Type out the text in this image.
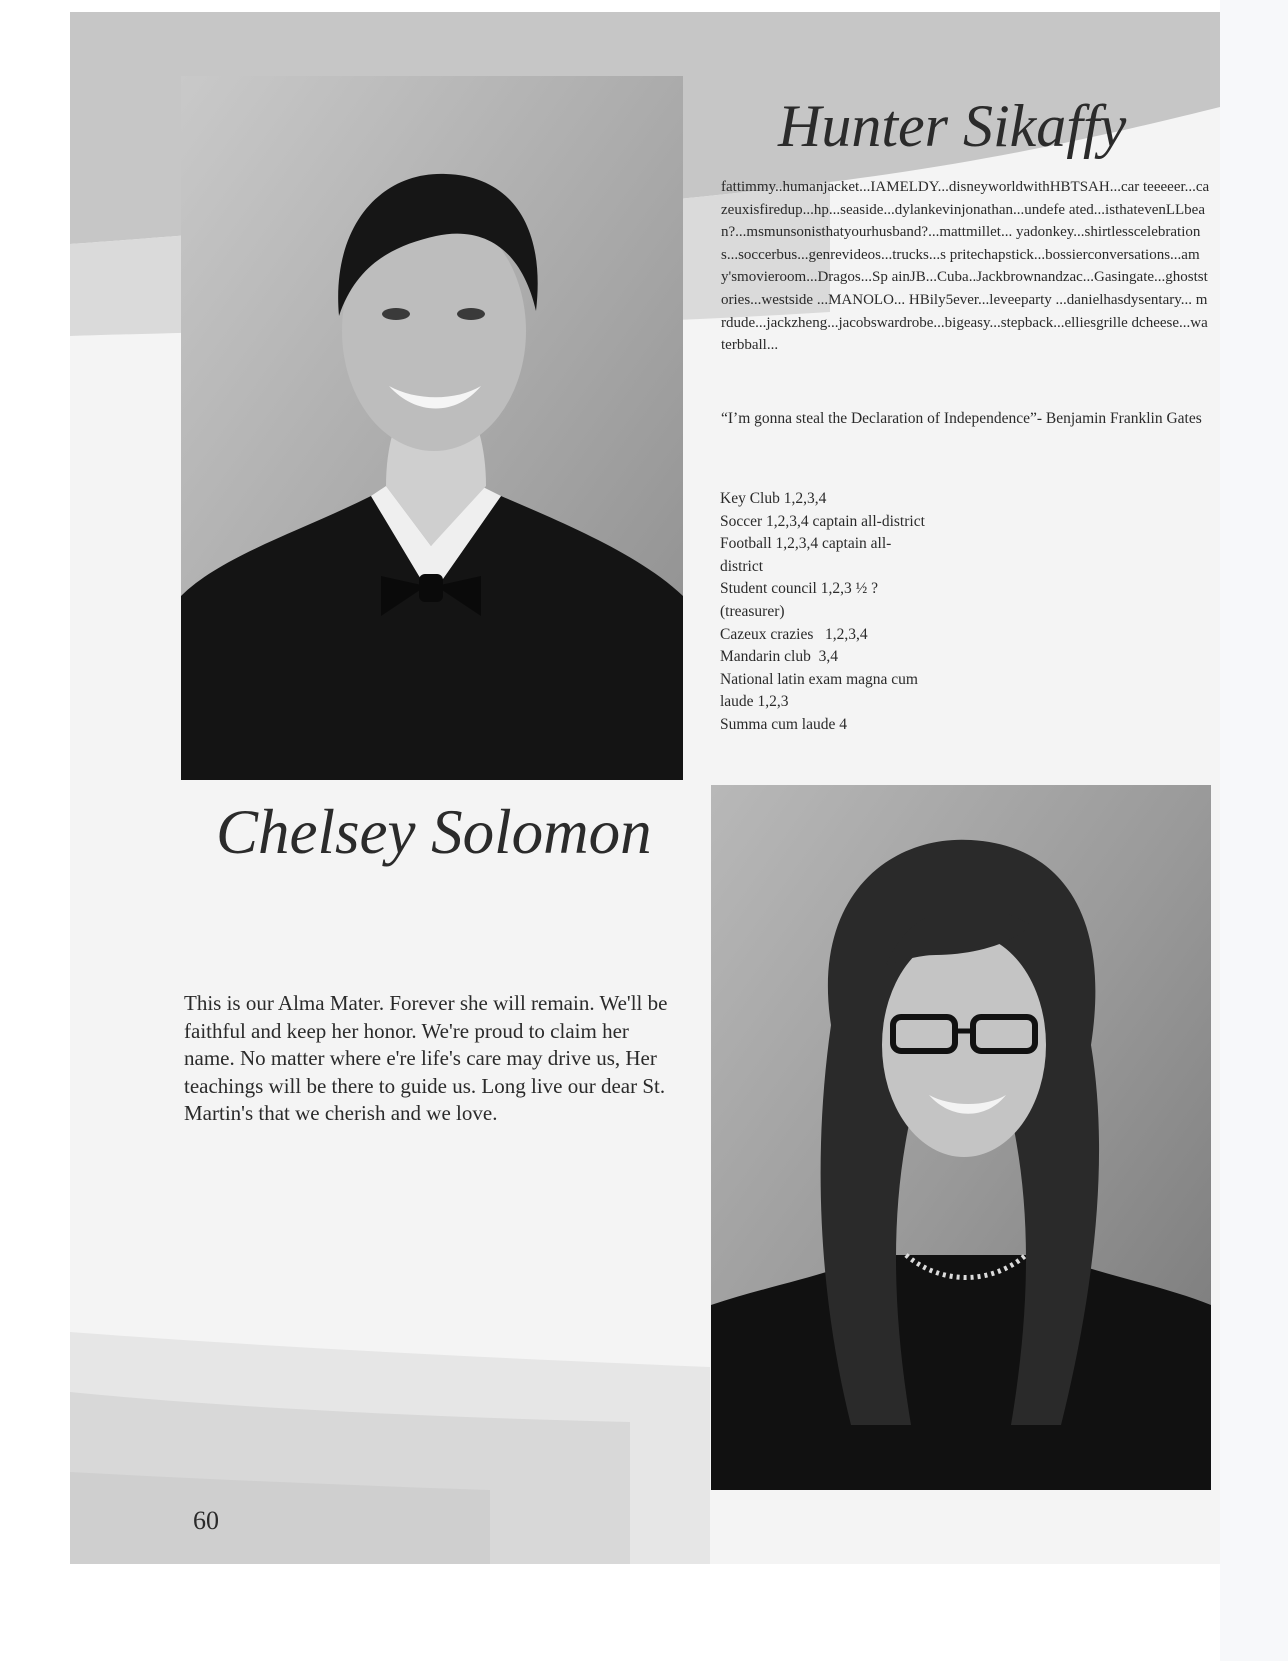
Hunter Sikaffy

fattimmy..humanjacket...IAMELDY...disneyworldwithHBTSAH...car teeeeer...cazeuxisfiredup...hp...seaside...dylankevinjonathan...undefe ated...isthatevenLLbean?...msmunsonisthatyourhusband?...mattmillet... yadonkey...shirtlesscelebrations...soccerbus...genrevideos...trucks...s pritechapstick...bossierconversations...amy'smovieroom...Dragos...Sp ainJB...Cuba..Jackbrownandzac...Gasingate...ghoststories...westside ...MANOLO... HBily5ever...leveeparty ...danielhasdysentary... mrdude...jackzheng...jacobswardrobe...bigeasy...stepback...elliesgrille dcheese...waterbball...

“I’m gonna steal the Declaration of Independence”- Benjamin Franklin Gates

Key Club 1,2,3,4
Soccer 1,2,3,4 captain all-district
Football 1,2,3,4 captain all-
district
Student council 1,2,3 ½ ?
(treasurer)
Cazeux crazies   1,2,3,4
Mandarin club  3,4
National latin exam magna cum
laude 1,2,3
Summa cum laude 4
Chelsey Solomon

This is our Alma Mater. Forever she will remain. We'll be faithful and keep her honor. We're proud to claim her name. No matter where e're life's care may drive us, Her teachings will be there to guide us. Long live our dear St. Martin's that we cherish and we love.

60
